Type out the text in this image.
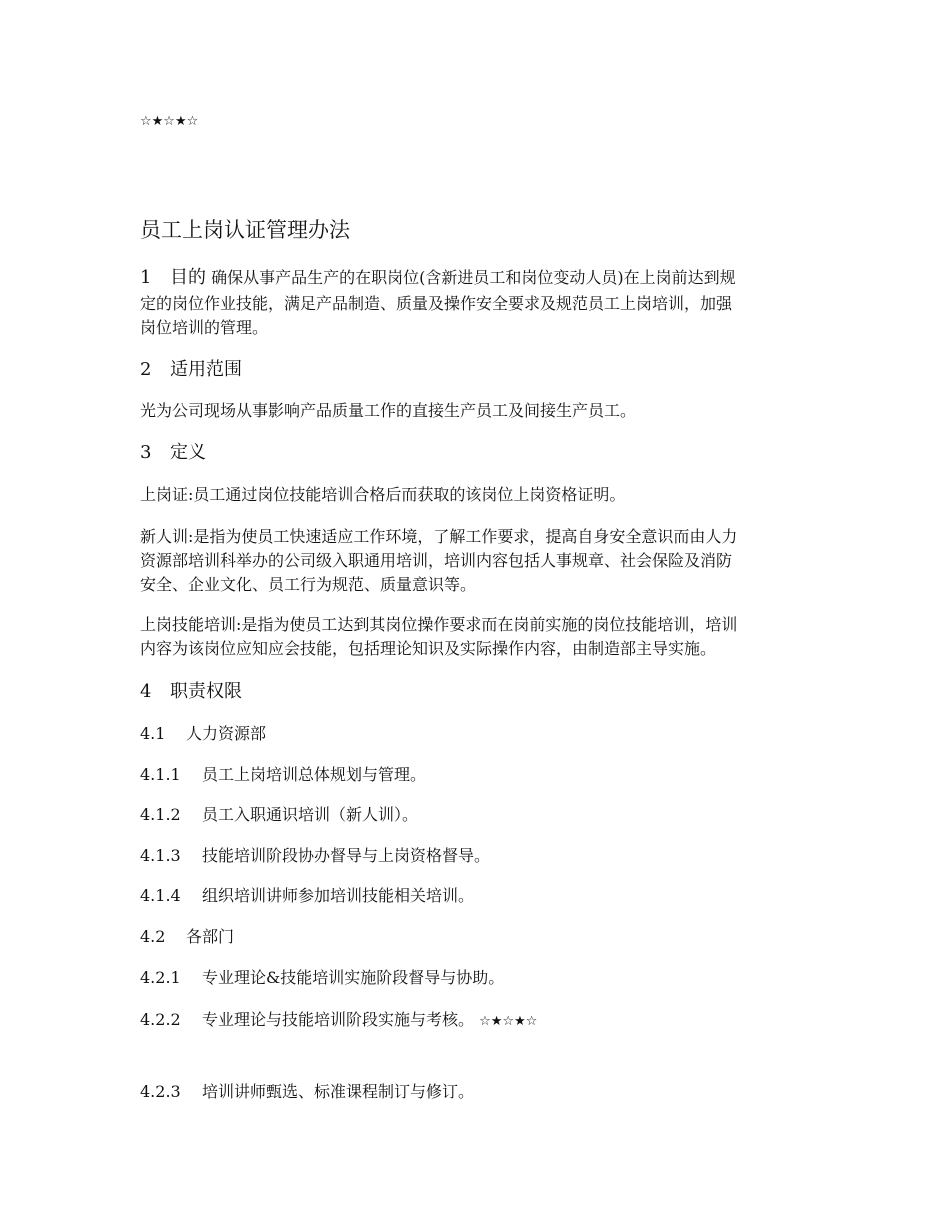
☆★☆★☆
员工上岗认证管理办法
1 目的 确保从事产品生产的在职岗位(含新进员工和岗位变动人员)在上岗前达到规
定的岗位作业技能，满足产品制造、质量及操作安全要求及规范员工上岗培训，加强
岗位培训的管理。
2 适用范围
光为公司现场从事影响产品质量工作的直接生产员工及间接生产员工。
3 定义
上岗证:员工通过岗位技能培训合格后而获取的该岗位上岗资格证明。
新人训:是指为使员工快速适应工作环境，了解工作要求，提高自身安全意识而由人力
资源部培训科举办的公司级入职通用培训，培训内容包括人事规章、社会保险及消防
安全、企业文化、员工行为规范、质量意识等。
上岗技能培训:是指为使员工达到其岗位操作要求而在岗前实施的岗位技能培训，培训
内容为该岗位应知应会技能，包括理论知识及实际操作内容，由制造部主导实施。
4 职责权限
4.1 人力资源部
4.1.1 员工上岗培训总体规划与管理。
4.1.2 员工入职通识培训（新人训）。
4.1.3 技能培训阶段协办督导与上岗资格督导。
4.1.4 组织培训讲师参加培训技能相关培训。
4.2 各部门
4.2.1 专业理论&技能培训实施阶段督导与协助。
4.2.2 专业理论与技能培训阶段实施与考核。 ☆★☆★☆
4.2.3 培训讲师甄选、标准课程制订与修订。
